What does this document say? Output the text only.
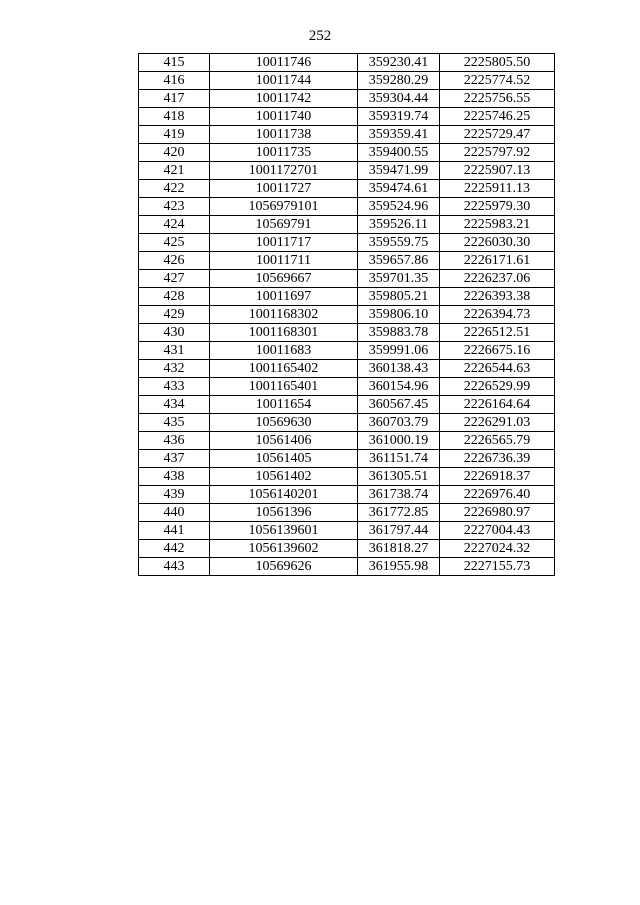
252
415	10011746	359230.41	2225805.50
416	10011744	359280.29	2225774.52
417	10011742	359304.44	2225756.55
418	10011740	359319.74	2225746.25
419	10011738	359359.41	2225729.47
420	10011735	359400.55	2225797.92
421	1001172701	359471.99	2225907.13
422	10011727	359474.61	2225911.13
423	1056979101	359524.96	2225979.30
424	10569791	359526.11	2225983.21
425	10011717	359559.75	2226030.30
426	10011711	359657.86	2226171.61
427	10569667	359701.35	2226237.06
428	10011697	359805.21	2226393.38
429	1001168302	359806.10	2226394.73
430	1001168301	359883.78	2226512.51
431	10011683	359991.06	2226675.16
432	1001165402	360138.43	2226544.63
433	1001165401	360154.96	2226529.99
434	10011654	360567.45	2226164.64
435	10569630	360703.79	2226291.03
436	10561406	361000.19	2226565.79
437	10561405	361151.74	2226736.39
438	10561402	361305.51	2226918.37
439	1056140201	361738.74	2226976.40
440	10561396	361772.85	2226980.97
441	1056139601	361797.44	2227004.43
442	1056139602	361818.27	2227024.32
443	10569626	361955.98	2227155.73
